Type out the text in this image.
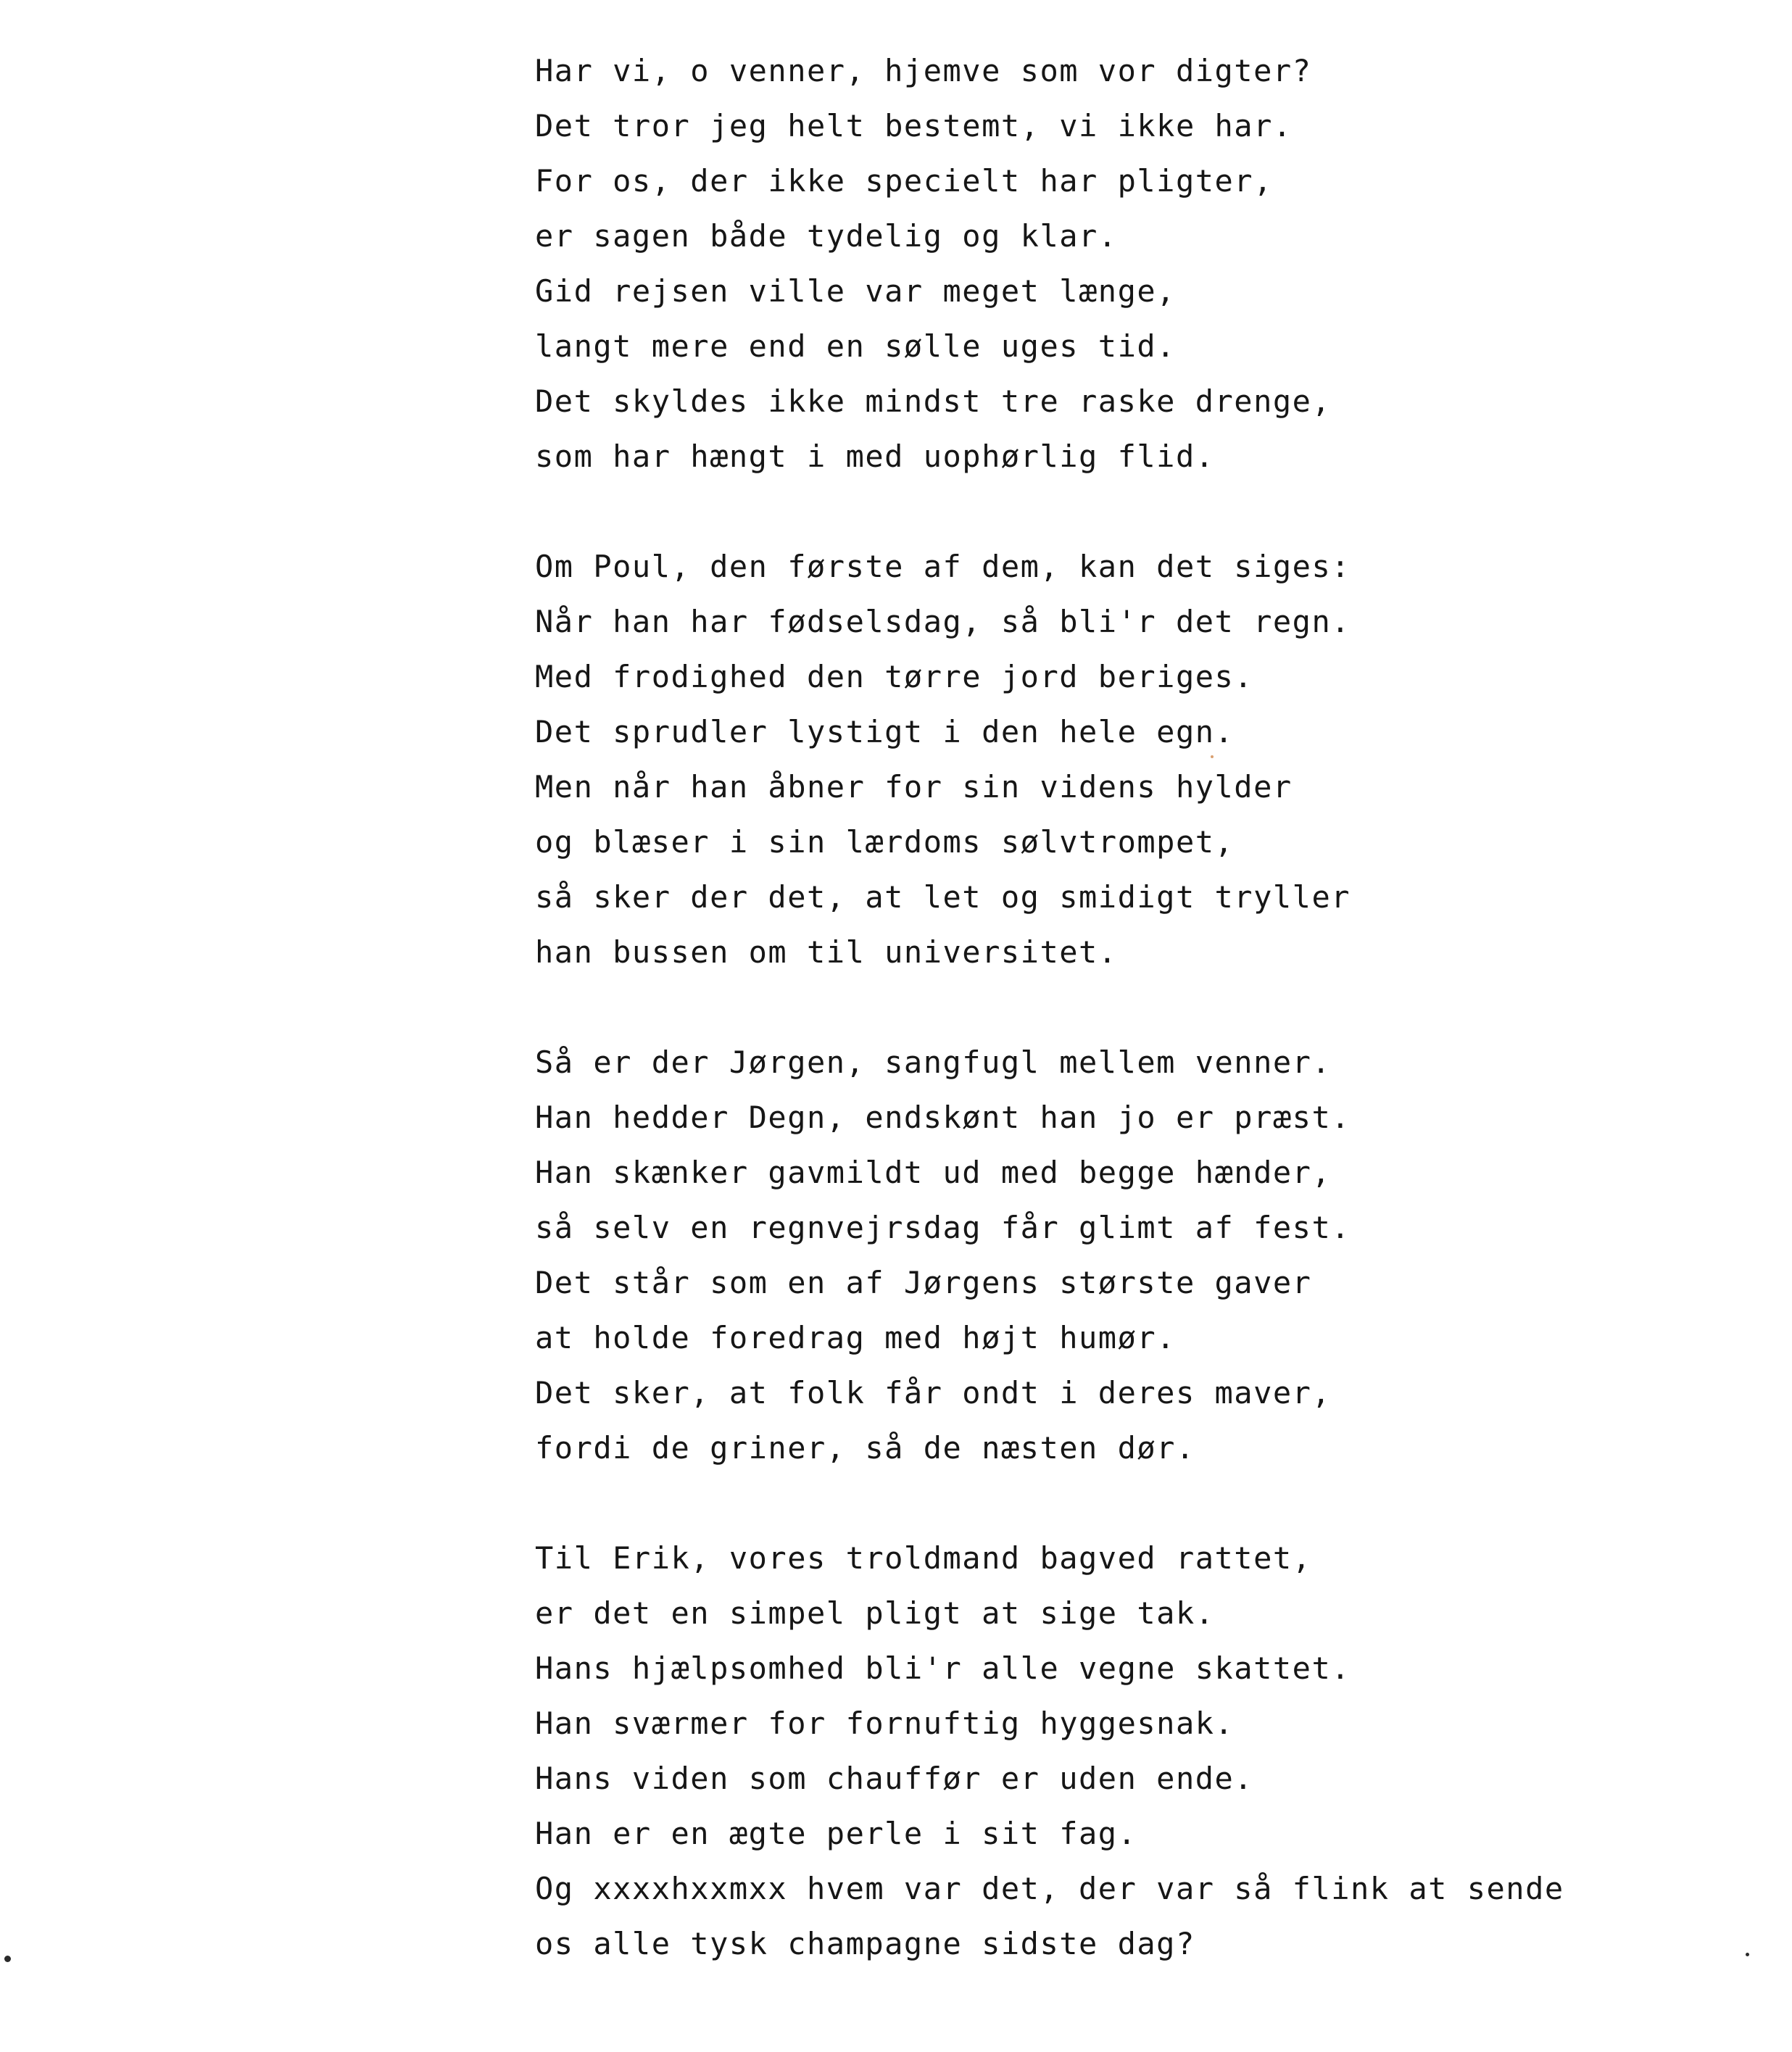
Har vi, o venner, hjemve som vor digter?
Det tror jeg helt bestemt, vi ikke har.
For os, der ikke specielt har pligter,
er sagen både tydelig og klar.
Gid rejsen ville var meget længe,
langt mere end en sølle uges tid.
Det skyldes ikke mindst tre raske drenge,
som har hængt i med uophørlig flid.
Om Poul, den første af dem, kan det siges:
Når han har fødselsdag, så bli'r det regn.
Med frodighed den tørre jord beriges.
Det sprudler lystigt i den hele egn.
Men når han åbner for sin videns hylder
og blæser i sin lærdoms sølvtrompet,
så sker der det, at let og smidigt tryller
han bussen om til universitet.
Så er der Jørgen, sangfugl mellem venner.
Han hedder Degn, endskønt han jo er præst.
Han skænker gavmildt ud med begge hænder,
så selv en regnvejrsdag får glimt af fest.
Det står som en af Jørgens største gaver
at holde foredrag med højt humør.
Det sker, at folk får ondt i deres maver,
fordi de griner, så de næsten dør.
Til Erik, vores troldmand bagved rattet,
er det en simpel pligt at sige tak.
Hans hjælpsomhed bli'r alle vegne skattet.
Han sværmer for fornuftig hyggesnak.
Hans viden som chauffør er uden ende.
Han er en ægte perle i sit fag.
Og xxxxhxxmxx hvem var det, der var så flink at sende
os alle tysk champagne sidste dag?
